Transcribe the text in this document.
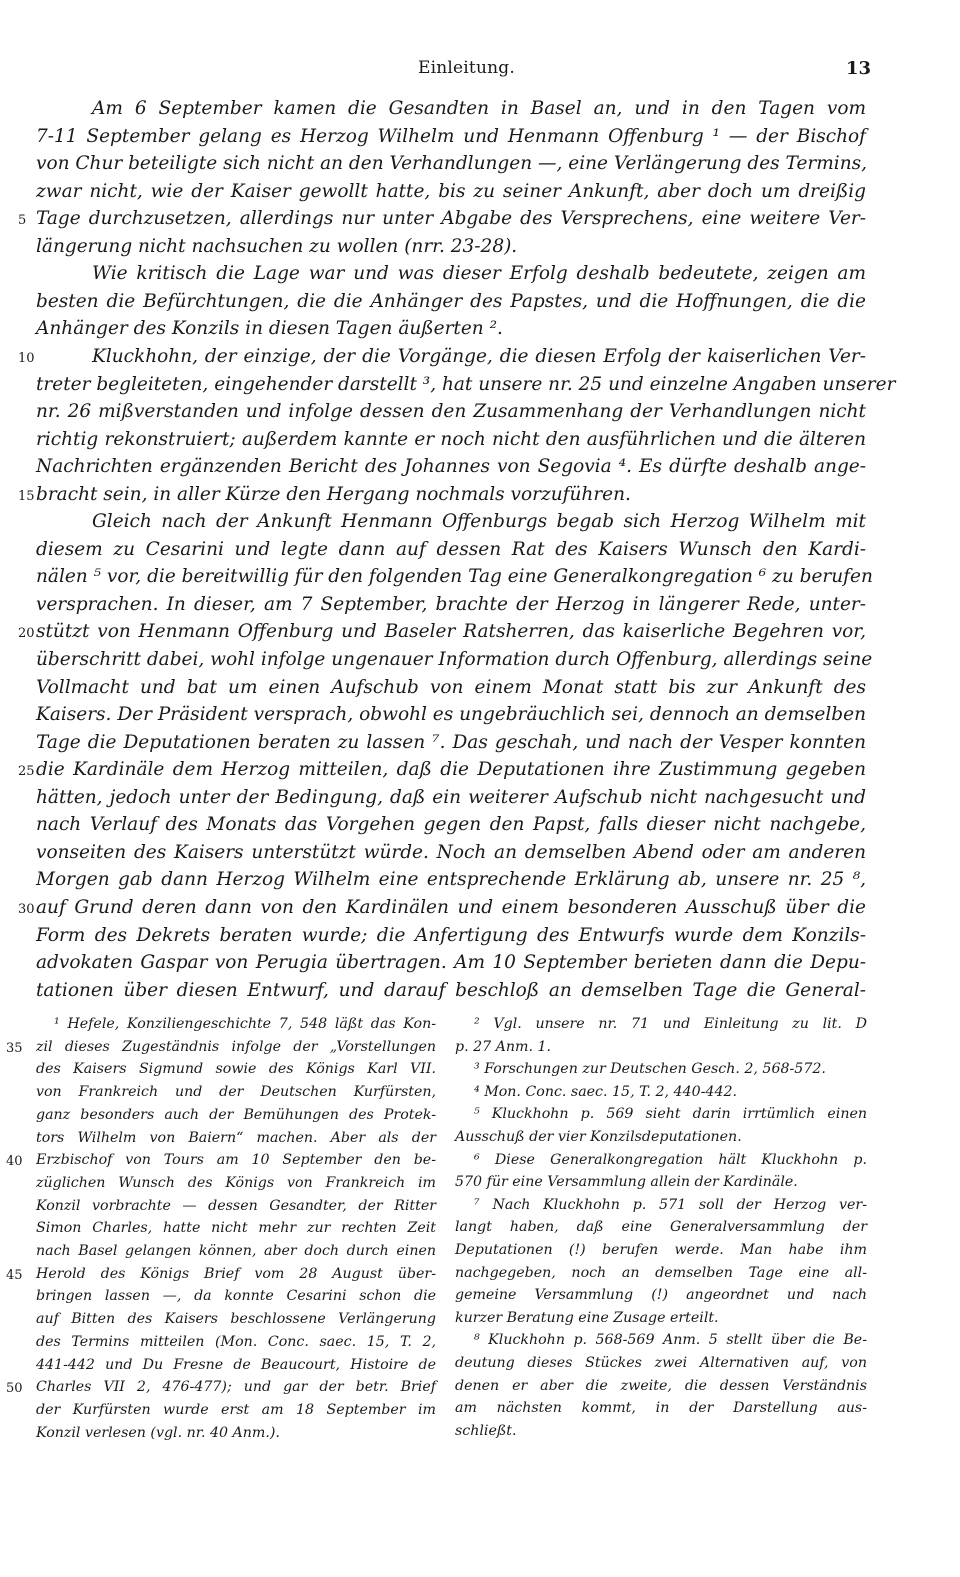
Einleitung.	13
Am 6 September kamen die Gesandten in Basel an, und in den Tagen vom
7-11 September gelang es Herzog Wilhelm und Henmann Offenburg ¹ — der Bischof
von Chur beteiligte sich nicht an den Verhandlungen —, eine Verlängerung des Termins,
zwar nicht, wie der Kaiser gewollt hatte, bis zu seiner Ankunft, aber doch um dreißig
Tage durchzusetzen, allerdings nur unter Abgabe des Versprechens, eine weitere Ver-
5
längerung nicht nachsuchen zu wollen (nrr. 23-28).
Wie kritisch die Lage war und was dieser Erfolg deshalb bedeutete, zeigen am
besten die Befürchtungen, die die Anhänger des Papstes, und die Hoffnungen, die die
Anhänger des Konzils in diesen Tagen äußerten ².
Kluckhohn, der einzige, der die Vorgänge, die diesen Erfolg der kaiserlichen Ver-
10
treter begleiteten, eingehender darstellt ³, hat unsere nr. 25 und einzelne Angaben unserer
nr. 26 mißverstanden und infolge dessen den Zusammenhang der Verhandlungen nicht
richtig rekonstruiert; außerdem kannte er noch nicht den ausführlichen und die älteren
Nachrichten ergänzenden Bericht des Johannes von Segovia ⁴. Es dürfte deshalb ange-
bracht sein, in aller Kürze den Hergang nochmals vorzuführen.
15
Gleich nach der Ankunft Henmann Offenburgs begab sich Herzog Wilhelm mit
diesem zu Cesarini und legte dann auf dessen Rat des Kaisers Wunsch den Kardi-
nälen ⁵ vor, die bereitwillig für den folgenden Tag eine Generalkongregation ⁶ zu berufen
versprachen. In dieser, am 7 September, brachte der Herzog in längerer Rede, unter-
stützt von Henmann Offenburg und Baseler Ratsherren, das kaiserliche Begehren vor,
20
überschritt dabei, wohl infolge ungenauer Information durch Offenburg, allerdings seine
Vollmacht und bat um einen Aufschub von einem Monat statt bis zur Ankunft des
Kaisers. Der Präsident versprach, obwohl es ungebräuchlich sei, dennoch an demselben
Tage die Deputationen beraten zu lassen ⁷. Das geschah, und nach der Vesper konnten
die Kardinäle dem Herzog mitteilen, daß die Deputationen ihre Zustimmung gegeben
25
hätten, jedoch unter der Bedingung, daß ein weiterer Aufschub nicht nachgesucht und
nach Verlauf des Monats das Vorgehen gegen den Papst, falls dieser nicht nachgebe,
vonseiten des Kaisers unterstützt würde. Noch an demselben Abend oder am anderen
Morgen gab dann Herzog Wilhelm eine entsprechende Erklärung ab, unsere nr. 25 ⁸,
auf Grund deren dann von den Kardinälen und einem besonderen Ausschuß über die
30
Form des Dekrets beraten wurde; die Anfertigung des Entwurfs wurde dem Konzils-
advokaten Gaspar von Perugia übertragen. Am 10 September berieten dann die Depu-
tationen über diesen Entwurf, und darauf beschloß an demselben Tage die General-
¹ Hefele, Konziliengeschichte 7, 548 läßt das Kon-
zil dieses Zugeständnis infolge der „Vorstellungen
35
des Kaisers Sigmund sowie des Königs Karl VII.
von Frankreich und der Deutschen Kurfürsten,
ganz besonders auch der Bemühungen des Protek-
tors Wilhelm von Baiern“ machen. Aber als der
Erzbischof von Tours am 10 September den be-
40
züglichen Wunsch des Königs von Frankreich im
Konzil vorbrachte — dessen Gesandter, der Ritter
Simon Charles, hatte nicht mehr zur rechten Zeit
nach Basel gelangen können, aber doch durch einen
Herold des Königs Brief vom 28 August über-
45
bringen lassen —, da konnte Cesarini schon die
auf Bitten des Kaisers beschlossene Verlängerung
des Termins mitteilen (Mon. Conc. saec. 15, T. 2,
441-442 und Du Fresne de Beaucourt, Histoire de
Charles VII 2, 476-477); und gar der betr. Brief
50
der Kurfürsten wurde erst am 18 September im
Konzil verlesen (vgl. nr. 40 Anm.).
² Vgl. unsere nr. 71 und Einleitung zu lit. D
p. 27 Anm. 1.
³ Forschungen zur Deutschen Gesch. 2, 568-572.
⁴ Mon. Conc. saec. 15, T. 2, 440-442.
⁵ Kluckhohn p. 569 sieht darin irrtümlich einen
Ausschuß der vier Konzilsdeputationen.
⁶ Diese Generalkongregation hält Kluckhohn p.
570 für eine Versammlung allein der Kardinäle.
⁷ Nach Kluckhohn p. 571 soll der Herzog ver-
langt haben, daß eine Generalversammlung der
Deputationen (!) berufen werde. Man habe ihm
nachgegeben, noch an demselben Tage eine all-
gemeine Versammlung (!) angeordnet und nach
kurzer Beratung eine Zusage erteilt.
⁸ Kluckhohn p. 568-569 Anm. 5 stellt über die Be-
deutung dieses Stückes zwei Alternativen auf, von
denen er aber die zweite, die dessen Verständnis
am nächsten kommt, in der Darstellung aus-
schließt.
